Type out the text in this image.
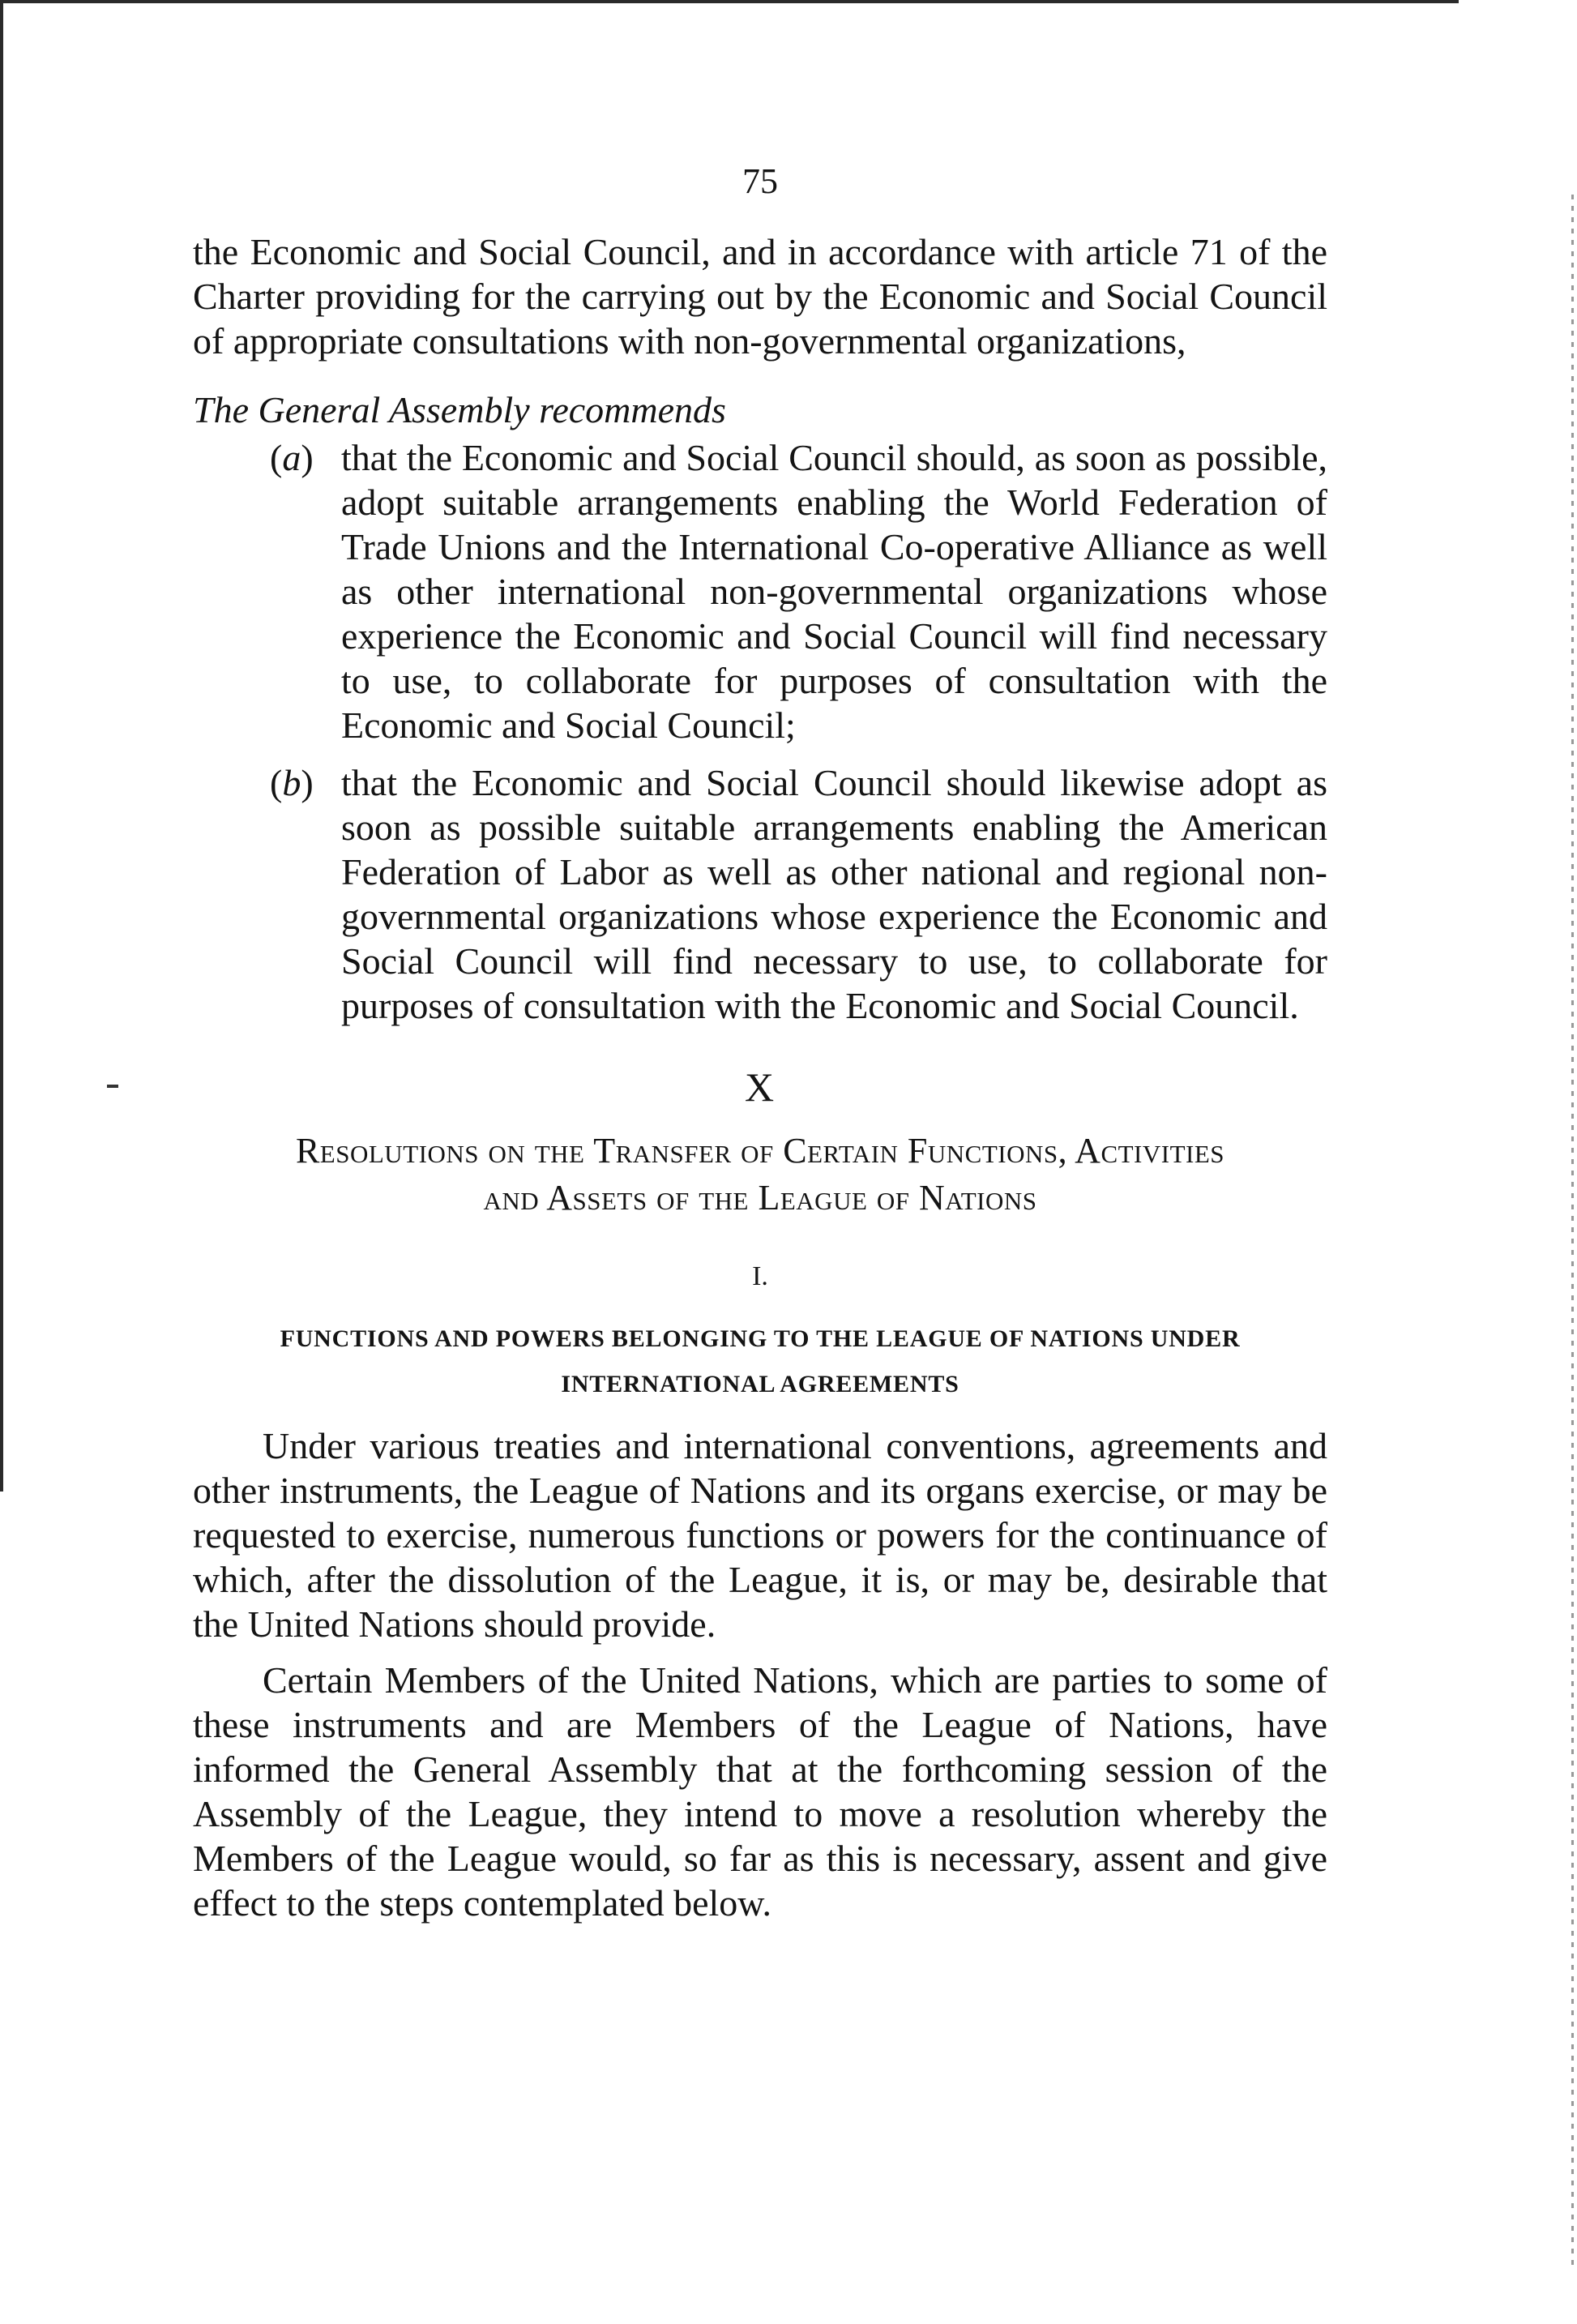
75

the Economic and Social Council, and in accordance with article 71 of the Charter providing for the carrying out by the Economic and Social Council of appropriate consultations with non-governmental organizations,

The General Assembly recommends

(a) that the Economic and Social Council should, as soon as possible, adopt suitable arrangements enabling the World Federation of Trade Unions and the International Co-operative Alliance as well as other international non-governmental organizations whose experience the Economic and Social Council will find necessary to use, to collaborate for purposes of consultation with the Economic and Social Council;
(b) that the Economic and Social Council should likewise adopt as soon as possible suitable arrangements enabling the American Federation of Labor as well as other national and regional non-governmental organizations whose experience the Economic and Social Council will find necessary to use, to collaborate for purposes of consultation with the Economic and Social Council.
X
Resolutions on the Transfer of Certain Functions, Activities
and Assets of the League of Nations
I.
FUNCTIONS AND POWERS BELONGING TO THE LEAGUE OF NATIONS UNDER
INTERNATIONAL AGREEMENTS

Under various treaties and international conventions, agreements and other instruments, the League of Nations and its organs exercise, or may be requested to exercise, numerous functions or powers for the continuance of which, after the dissolution of the League, it is, or may be, desirable that the United Nations should provide.

Certain Members of the United Nations, which are parties to some of these instruments and are Members of the League of Nations, have informed the General Assembly that at the forthcoming session of the Assembly of the League, they intend to move a resolution whereby the Members of the League would, so far as this is necessary, assent and give effect to the steps contemplated below.
